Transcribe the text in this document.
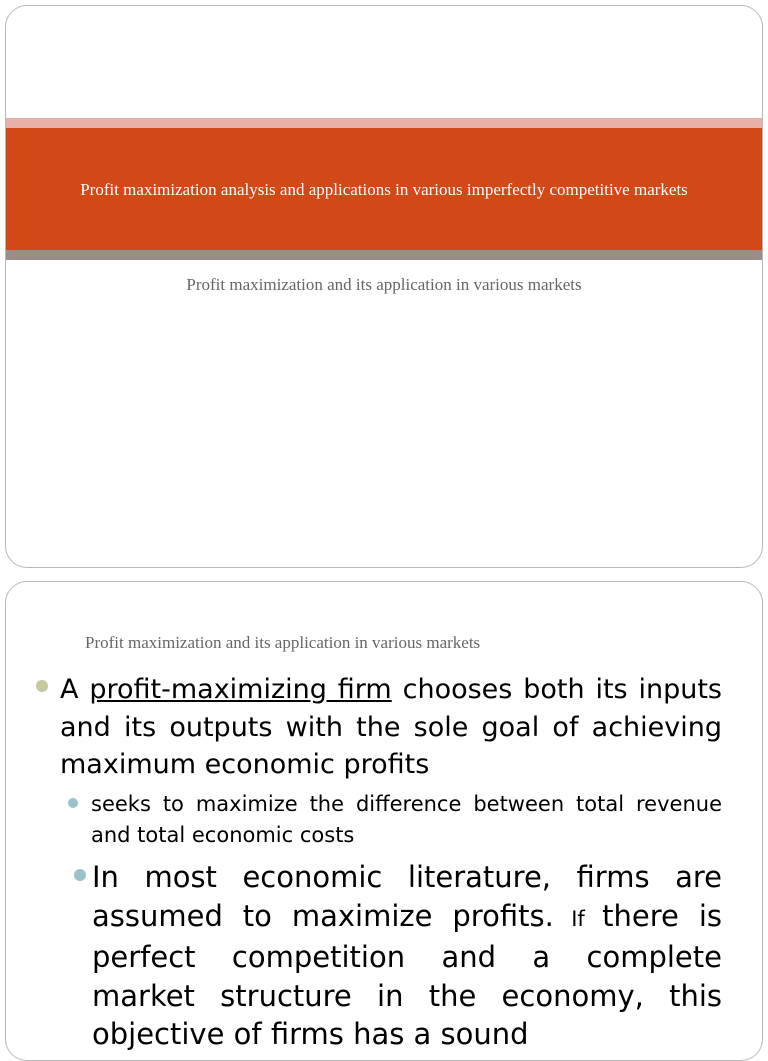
Profit maximization analysis and applications in various imperfectly competitive markets
Profit maximization and its application in various markets
Profit maximization and its application in various markets
A profit-maximizing firm chooses both its inputs and its outputs with the sole goal of achieving maximum economic profits
seeks to maximize the difference between total revenue and total economic costs
In most economic literature, firms are assumed to maximize profits. If there is perfect competition and a complete market structure in the economy, this objective of firms has a sound
